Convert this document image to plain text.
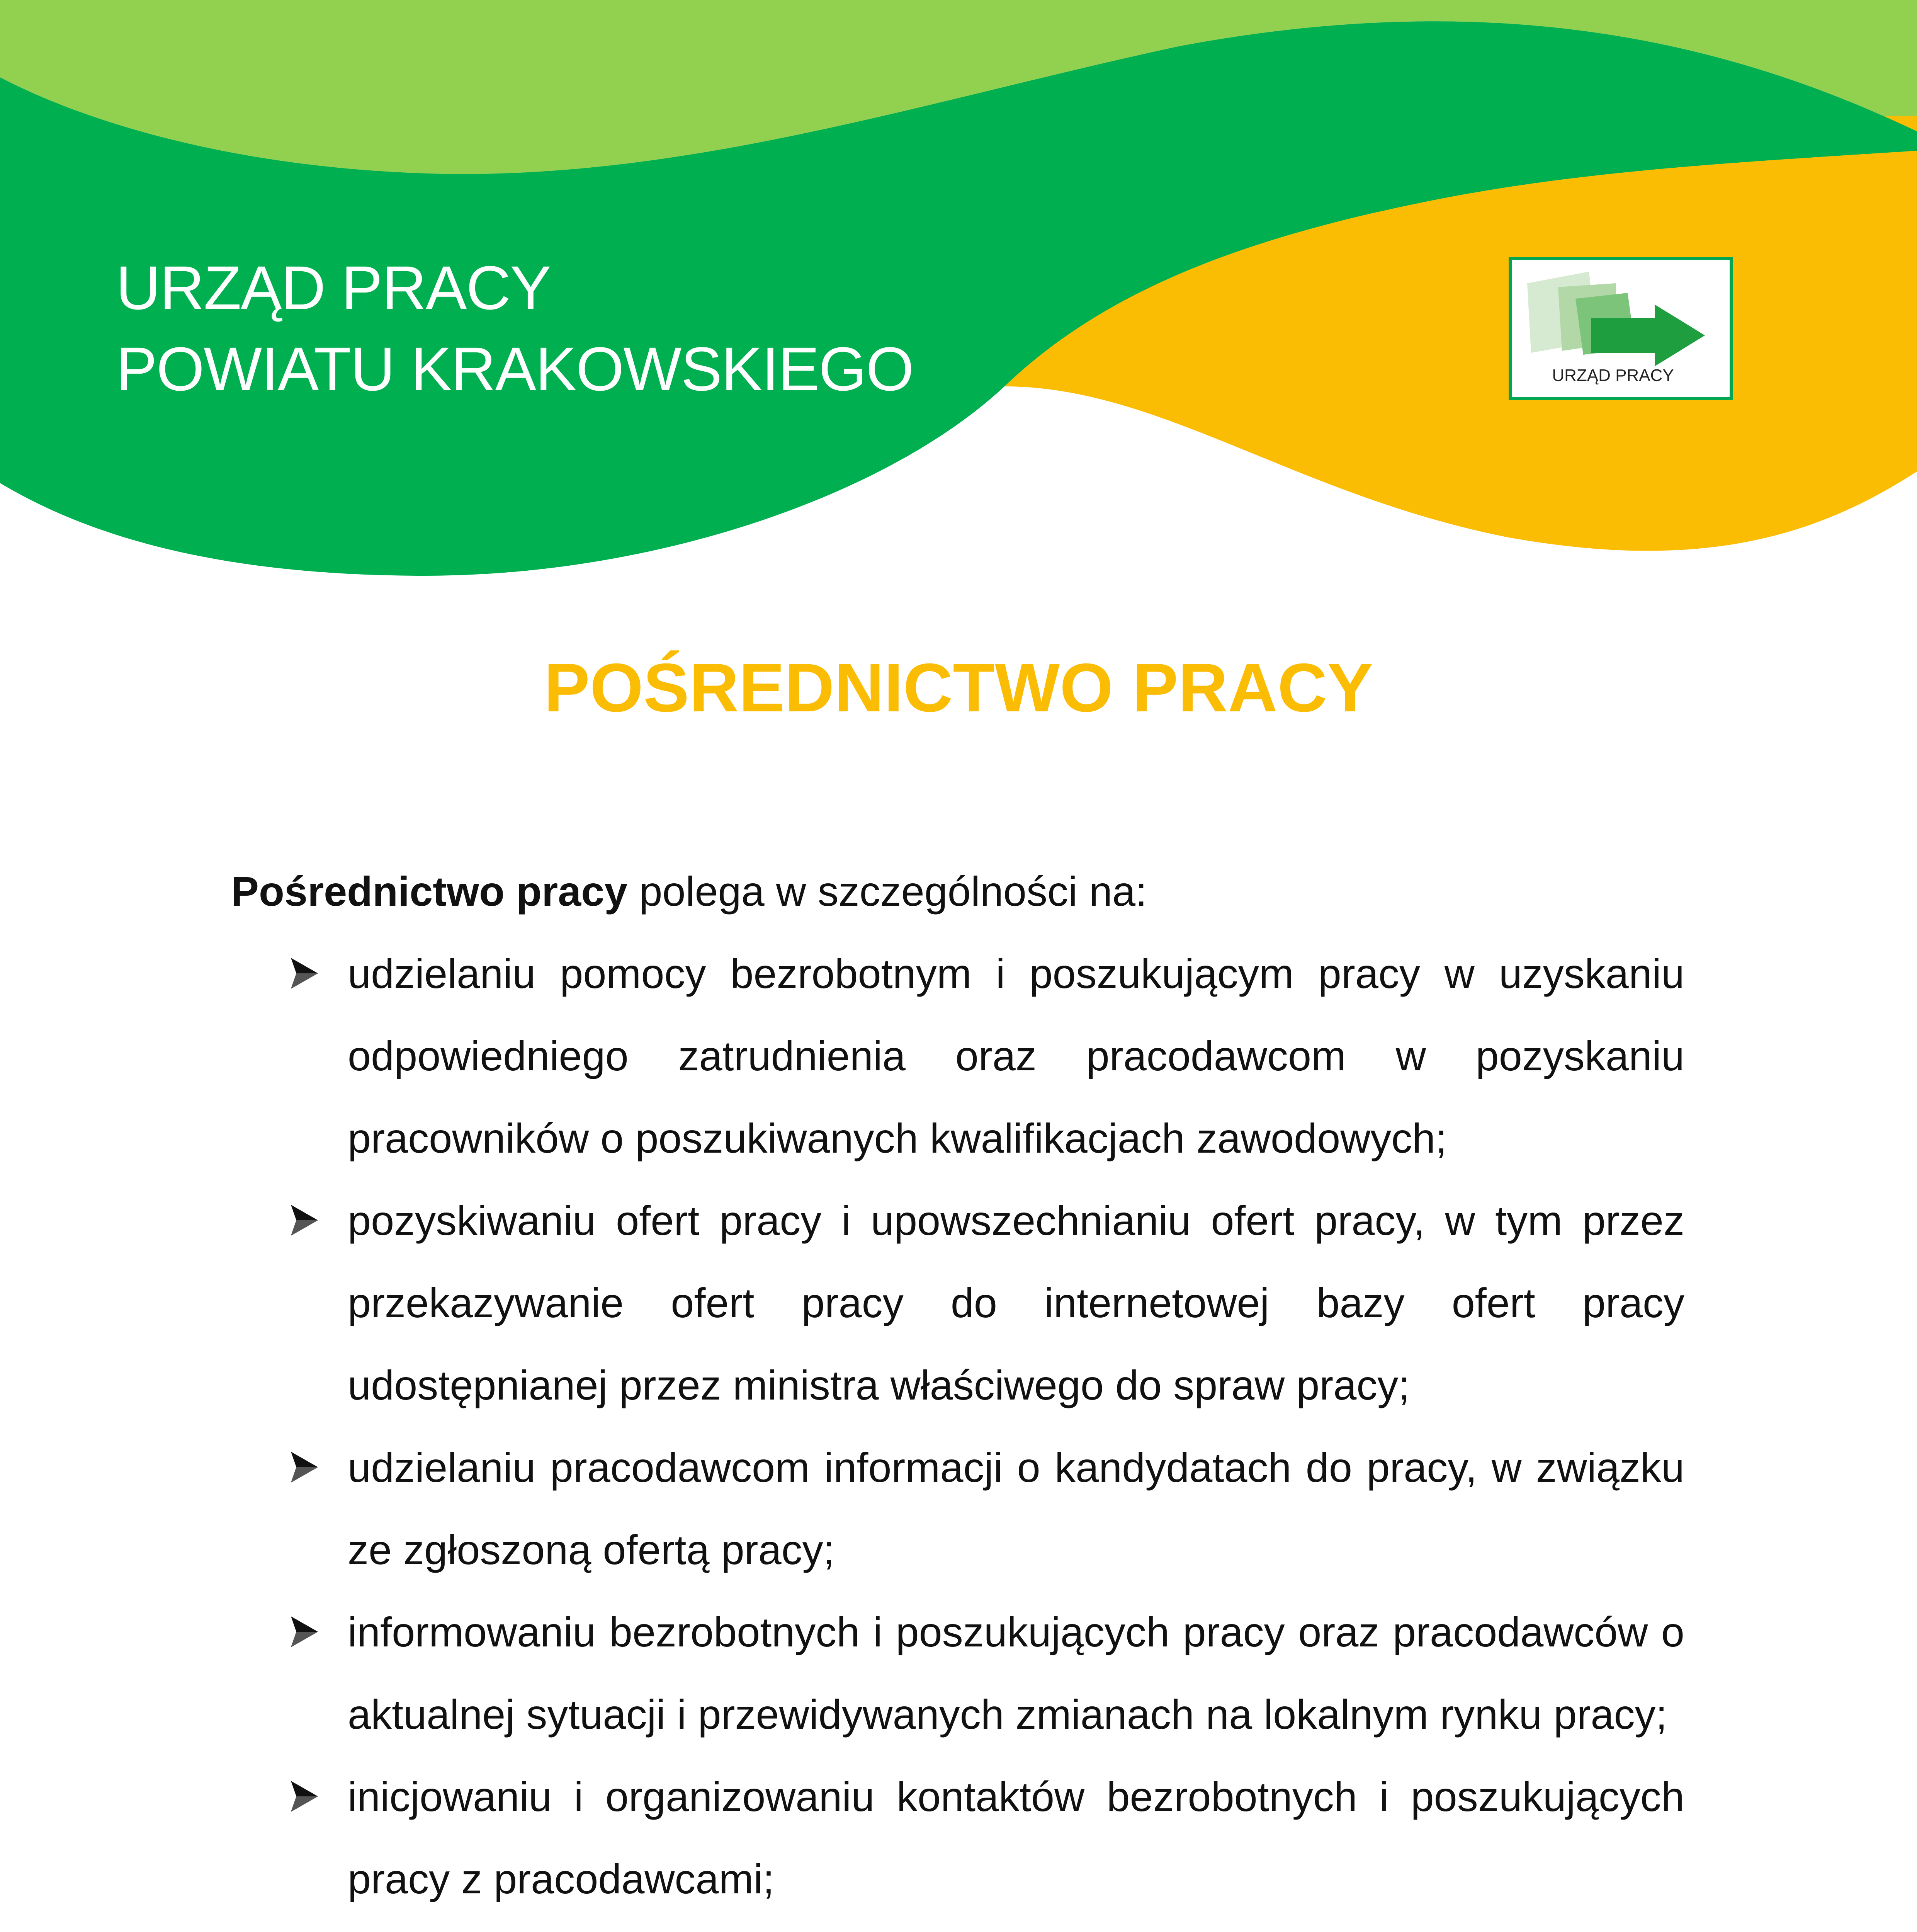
URZĄD PRACY
POWIATU KRAKOWSKIEGO	URZĄD PRACY
POŚREDNICTWO PRACY

Pośrednictwo pracy polega w szczególności na:

udzielaniu pomocy bezrobotnym i poszukującym pracy w uzyskaniu odpowiedniego zatrudnienia oraz pracodawcom w pozyskaniu pracowników o poszukiwanych kwalifikacjach zawodowych;
pozyskiwaniu ofert pracy i upowszechnianiu ofert pracy, w tym przez przekazywanie ofert pracy do internetowej bazy ofert pracy udostępnianej przez ministra właściwego do spraw pracy;
udzielaniu pracodawcom informacji o kandydatach do pracy, w związku ze zgłoszoną ofertą pracy;
informowaniu bezrobotnych i poszukujących pracy oraz pracodawców o aktualnej sytuacji i przewidywanych zmianach na lokalnym rynku pracy;
inicjowaniu i organizowaniu kontaktów bezrobotnych i poszukujących pracy z pracodawcami;
